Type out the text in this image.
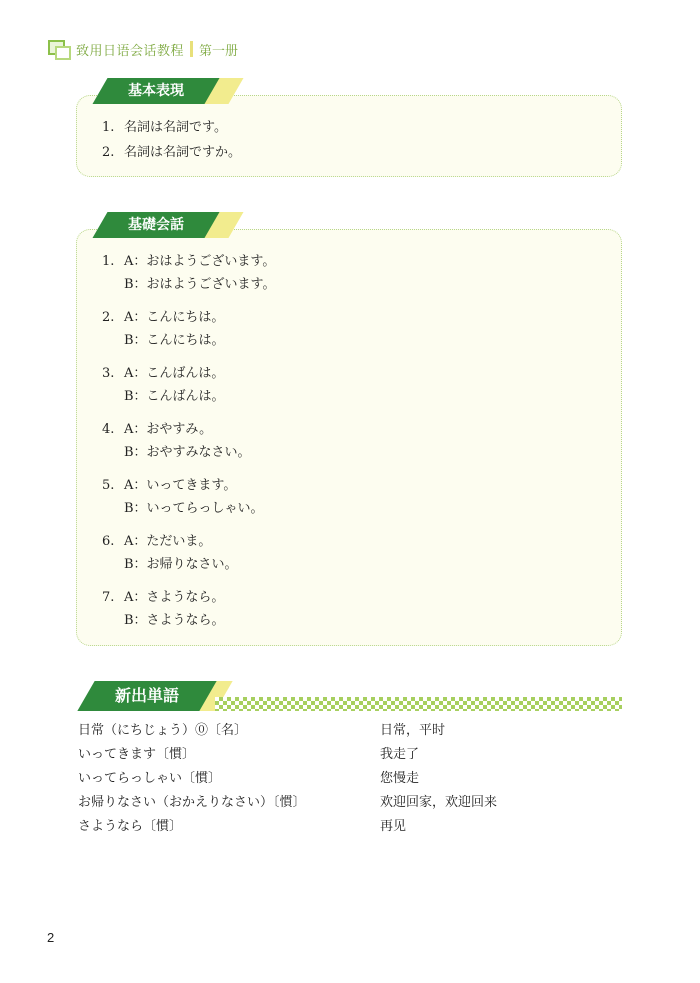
致用日语会话教程 第一册
基本表現
1. 名詞は名詞です。
2. 名詞は名詞ですか。
基礎会話
1. A：おはようございます。
B：おはようございます。
2. A：こんにちは。
B：こんにちは。
3. A：こんばんは。
B：こんばんは。
4. A：おやすみ。
B：おやすみなさい。
5. A：いってきます。
B：いってらっしゃい。
6. A：ただいま。
B：お帰りなさい。
7. A：さようなら。
B：さようなら。
新出単語
日常（にちじょう）⓪〔名〕	日常，平时
いってきます〔慣〕	我走了
いってらっしゃい〔慣〕	您慢走
お帰りなさい（おかえりなさい）〔慣〕	欢迎回家，欢迎回来
さようなら〔慣〕	再见
2
